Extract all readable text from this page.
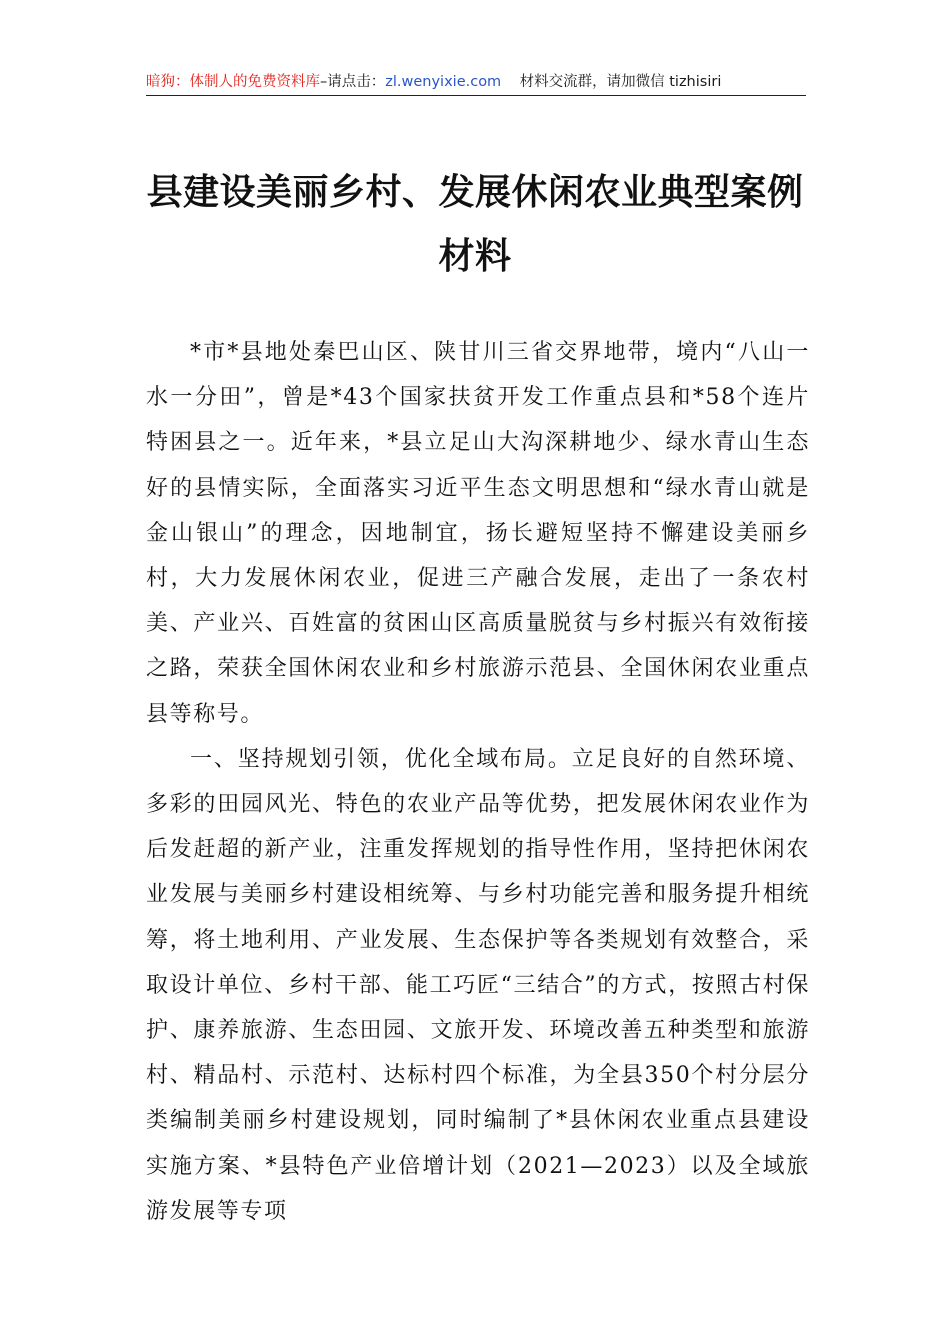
暗狗：体制人的免费资料库–请点击：zl.wenyixie.com 材料交流群，请加微信 tizhisiri
县建设美丽乡村、发展休闲农业典型案例
材料

*市*县地处秦巴山区、陕甘川三省交界地带，境内“八山一水一分田”，曾是*43个国家扶贫开发工作重点县和*58个连片特困县之一。近年来，*县立足山大沟深耕地少、绿水青山生态好的县情实际，全面落实习近平生态文明思想和“绿水青山就是金山银山”的理念，因地制宜，扬长避短坚持不懈建设美丽乡村，大力发展休闲农业，促进三产融合发展，走出了一条农村美、产业兴、百姓富的贫困山区高质量脱贫与乡村振兴有效衔接之路，荣获全国休闲农业和乡村旅游示范县、全国休闲农业重点县等称号。

一、坚持规划引领，优化全域布局。立足良好的自然环境、多彩的田园风光、特色的农业产品等优势，把发展休闲农业作为后发赶超的新产业，注重发挥规划的指导性作用，坚持把休闲农业发展与美丽乡村建设相统筹、与乡村功能完善和服务提升相统筹，将土地利用、产业发展、生态保护等各类规划有效整合，采取设计单位、乡村干部、能工巧匠“三结合”的方式，按照古村保护、康养旅游、生态田园、文旅开发、环境改善五种类型和旅游村、精品村、示范村、达标村四个标准，为全县350个村分层分类编制美丽乡村建设规划，同时编制了*县休闲农业重点县建设实施方案、*县特色产业倍增计划（2021—2023）以及全域旅游发展等专项
